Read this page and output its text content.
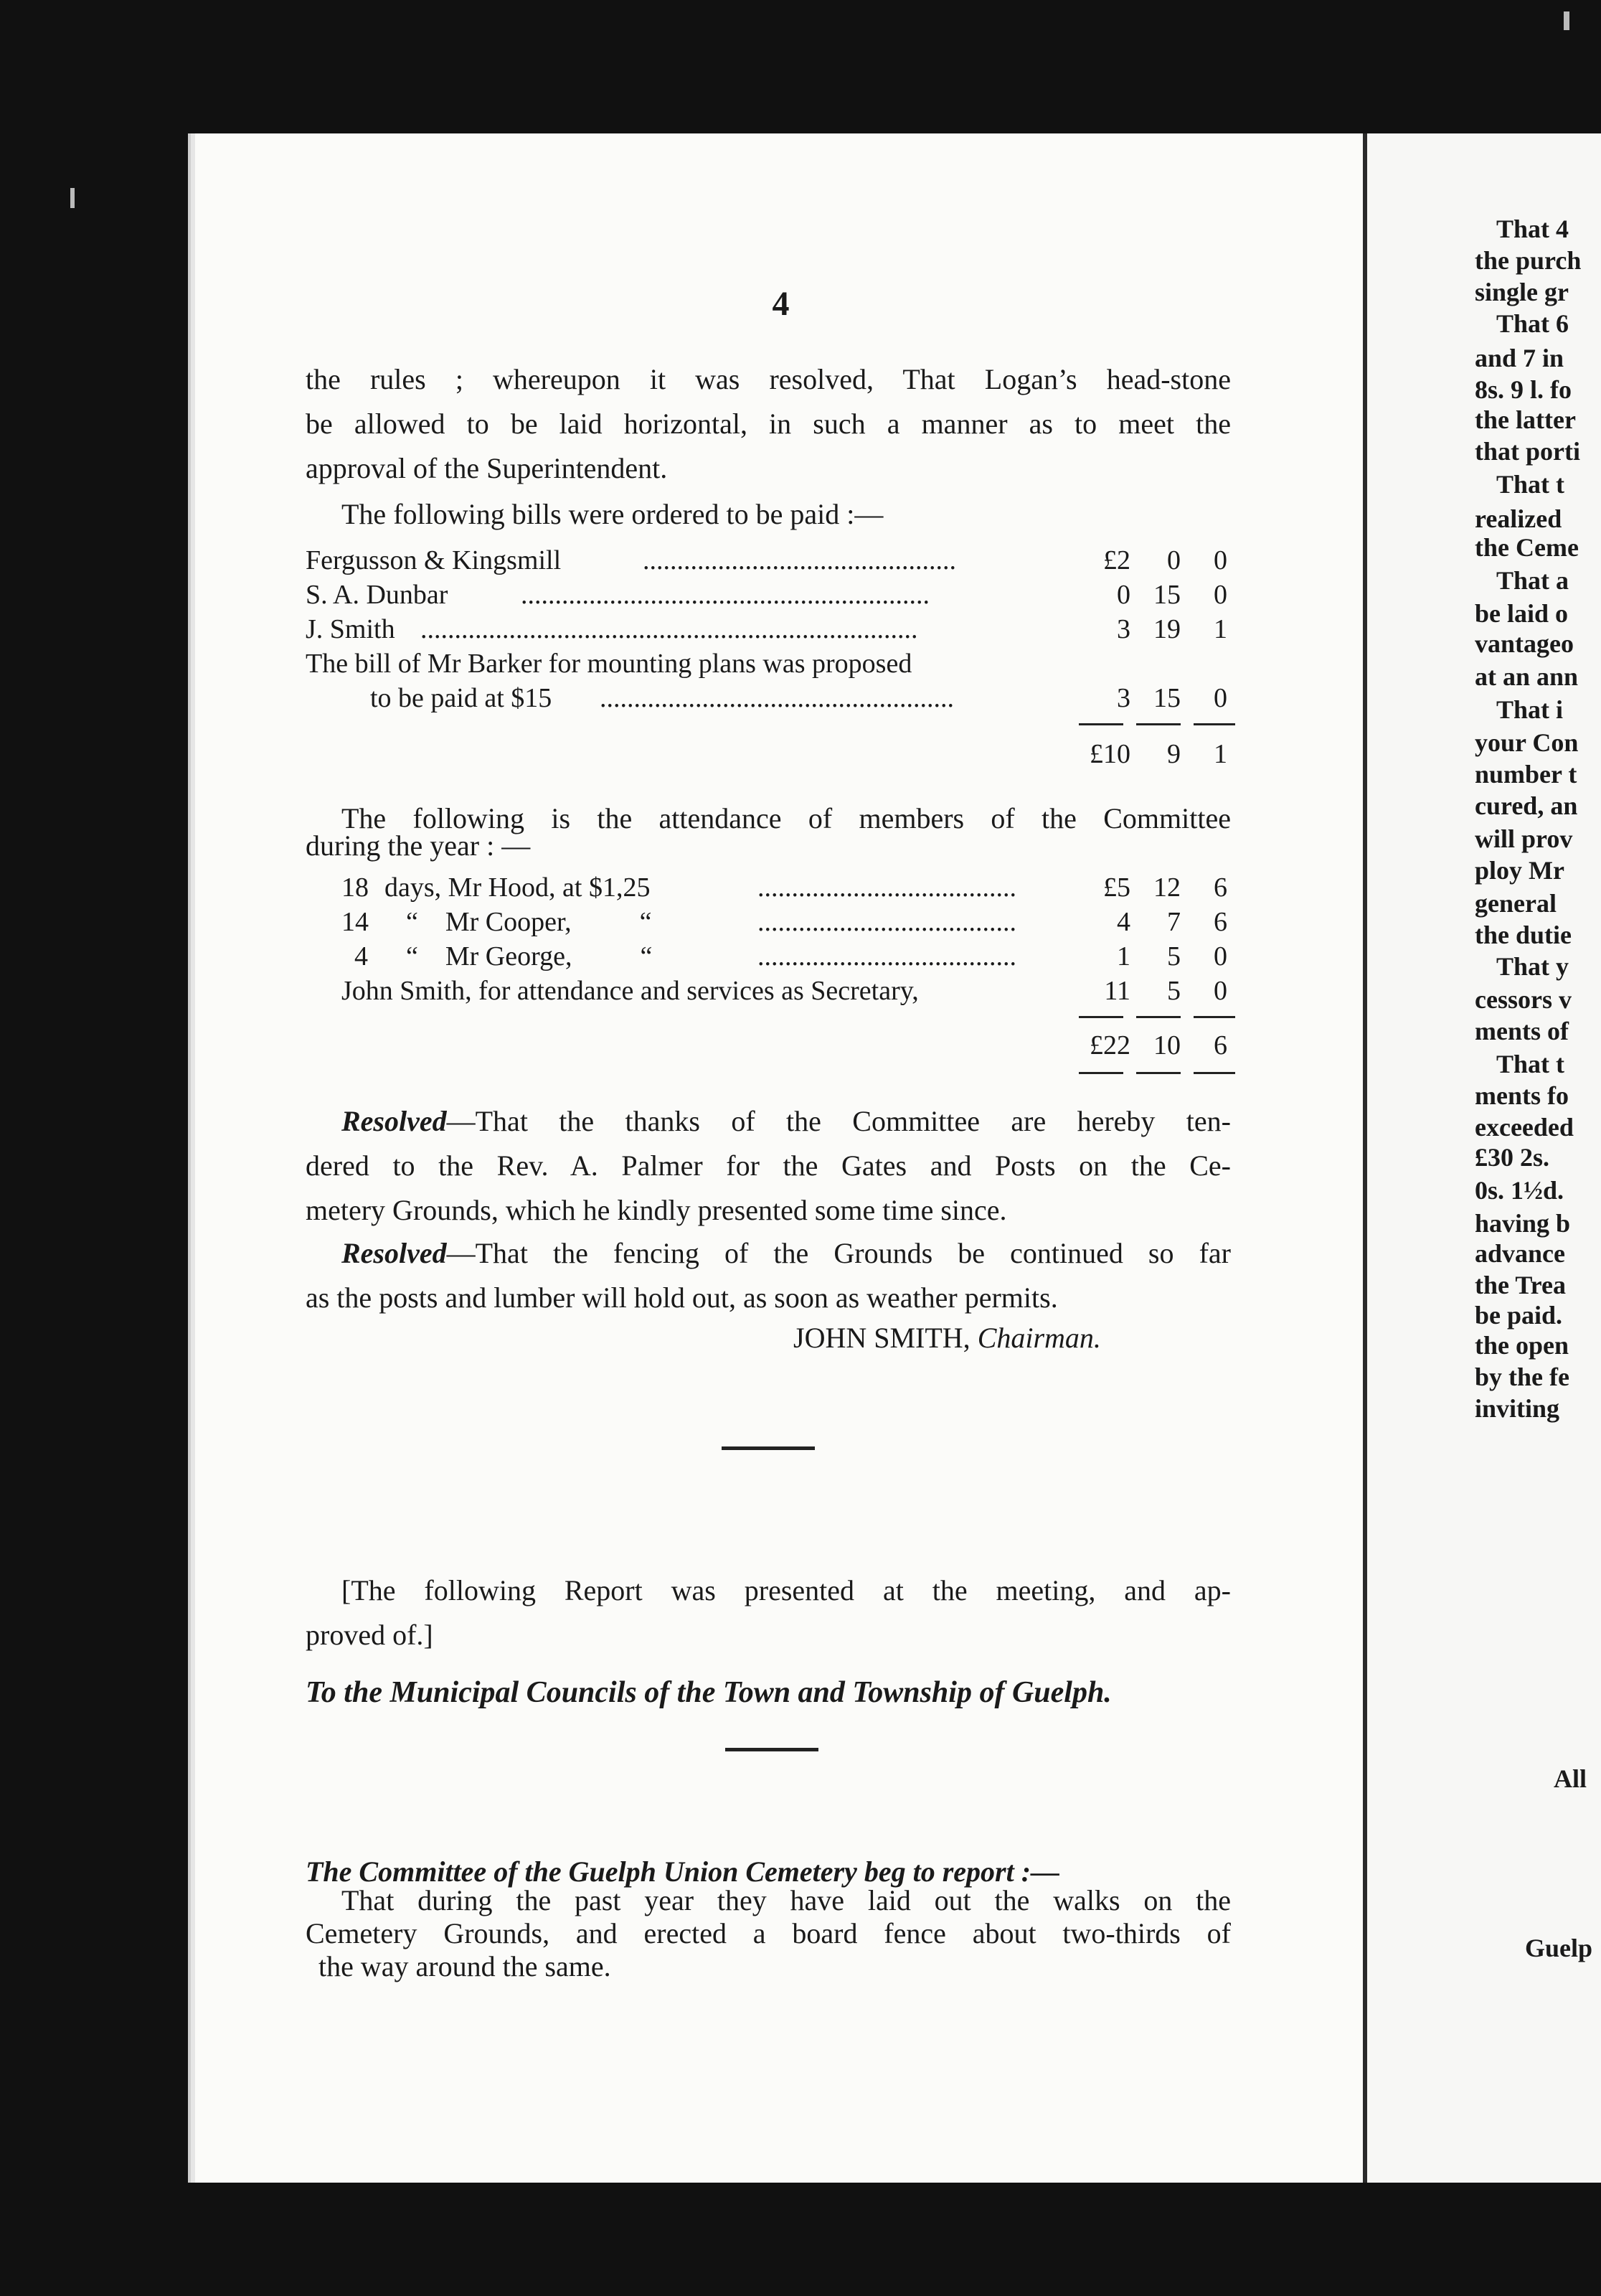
4
the rules ; whereupon it was resolved, That Logan’s head-stone
be allowed to be laid horizontal, in such a manner as to meet the
approval of the Superintendent.
The following bills were ordered to be paid :—
Fergusson & Kingsmill	..............................................	£2	0	0
S. A. Dunbar	............................................................	0 15	0
J. Smith .........................................................................	3 19	1
The bill of Mr Barker for mounting plans was proposed
to be paid at $15 ....................................................	3 15	0
£10	9	1
The following is the attendance of members of the Committee
during the year : —
18 days, Mr Hood, at $1,25	......................................	£5 12	6
14 “    Mr Cooper,          “	......................................	4	7	6
4 “    Mr George,          “	......................................	1	5	0
John Smith, for attendance and services as Secretary,	11	5	0
£22 10	6
Resolved—That the thanks of the Committee are hereby ten-
dered to the Rev. A. Palmer for the Gates and Posts on the Ce-
metery Grounds, which he kindly presented some time since.
Resolved—That the fencing of the Grounds be continued so far
as the posts and lumber will hold out, as soon as weather permits.
JOHN SMITH, Chairman.
[The following Report was presented at the meeting, and ap-
proved of.]
To the Municipal Councils of the Town and Township of Guelph.
The Committee of the Guelph Union Cemetery beg to report :—
That during the past year they have laid out the walks on the
Cemetery Grounds, and erected a board fence about two-thirds of
the way around the same.
That 4
the purch
single gr
That 6
and 7 in
8s. 9 l. fo
the latter
that porti
That t
realized
the Ceme
That a
be laid o
vantageo
at an ann
That i
your Con
number t
cured, an
will prov
ploy Mr
general
the dutie
That y
cessors v
ments of
That t
ments fo
exceeded
£30 2s.
0s. 1½d.
having b
advance
the Trea
be paid.
the open
by the fe
inviting
All
Guelp
